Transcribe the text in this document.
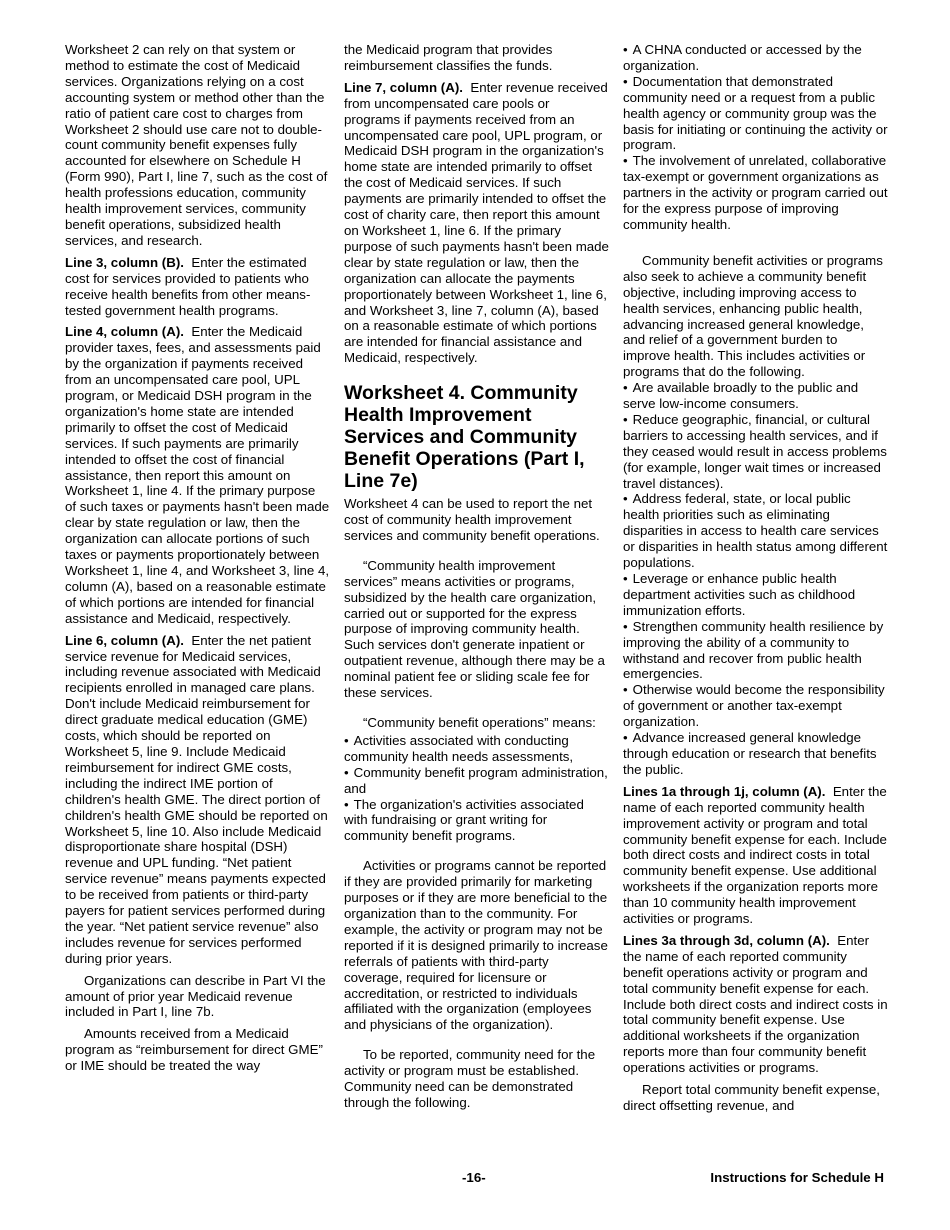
Worksheet 2 can rely on that system or method to estimate the cost of Medicaid services. Organizations relying on a cost accounting system or method other than the ratio of patient care cost to charges from Worksheet 2 should use care not to double-count community benefit expenses fully accounted for elsewhere on Schedule H (Form 990), Part I, line 7, such as the cost of health professions education, community health improvement services, community benefit operations, subsidized health services, and research.

Line 3, column (B). Enter the estimated cost for services provided to patients who receive health benefits from other means-tested government health programs.

Line 4, column (A). Enter the Medicaid provider taxes, fees, and assessments paid by the organization if payments received from an uncompensated care pool, UPL program, or Medicaid DSH program in the organization's home state are intended primarily to offset the cost of Medicaid services. If such payments are primarily intended to offset the cost of financial assistance, then report this amount on Worksheet 1, line 4. If the primary purpose of such taxes or payments hasn't been made clear by state regulation or law, then the organization can allocate portions of such taxes or payments proportionately between Worksheet 1, line 4, and Worksheet 3, line 4, column (A), based on a reasonable estimate of which portions are intended for financial assistance and Medicaid, respectively.

Line 6, column (A). Enter the net patient service revenue for Medicaid services, including revenue associated with Medicaid recipients enrolled in managed care plans. Don't include Medicaid reimbursement for direct graduate medical education (GME) costs, which should be reported on Worksheet 5, line 9. Include Medicaid reimbursement for indirect GME costs, including the indirect IME portion of children's health GME. The direct portion of children's health GME should be reported on Worksheet 5, line 10. Also include Medicaid disproportionate share hospital (DSH) revenue and UPL funding. “Net patient service revenue” means payments expected to be received from patients or third-party payers for patient services performed during the year. “Net patient service revenue” also includes revenue for services performed during prior years.

Organizations can describe in Part VI the amount of prior year Medicaid revenue included in Part I, line 7b.

Amounts received from a Medicaid program as “reimbursement for direct GME” or IME should be treated the way

the Medicaid program that provides reimbursement classifies the funds.

Line 7, column (A). Enter revenue received from uncompensated care pools or programs if payments received from an uncompensated care pool, UPL program, or Medicaid DSH program in the organization's home state are intended primarily to offset the cost of Medicaid services. If such payments are primarily intended to offset the cost of charity care, then report this amount on Worksheet 1, line 6. If the primary purpose of such payments hasn't been made clear by state regulation or law, then the organization can allocate the payments proportionately between Worksheet 1, line 6, and Worksheet 3, line 7, column (A), based on a reasonable estimate of which portions are intended for financial assistance and Medicaid, respectively.

Worksheet 4. Community Health Improvement Services and Community Benefit Operations (Part I, Line 7e)

Worksheet 4 can be used to report the net cost of community health improvement services and community benefit operations.

“Community health improvement services” means activities or programs, subsidized by the health care organization, carried out or supported for the express purpose of improving community health. Such services don't generate inpatient or outpatient revenue, although there may be a nominal patient fee or sliding scale fee for these services.

“Community benefit operations” means:

• Activities associated with conducting community health needs assessments,
• Community benefit program administration, and
• The organization's activities associated with fundraising or grant writing for community benefit programs.

Activities or programs cannot be reported if they are provided primarily for marketing purposes or if they are more beneficial to the organization than to the community. For example, the activity or program may not be reported if it is designed primarily to increase referrals of patients with third-party coverage, required for licensure or accreditation, or restricted to individuals affiliated with the organization (employees and physicians of the organization).

To be reported, community need for the activity or program must be established. Community need can be demonstrated through the following.

• A CHNA conducted or accessed by the organization.
• Documentation that demonstrated community need or a request from a public health agency or community group was the basis for initiating or continuing the activity or program.
• The involvement of unrelated, collaborative tax-exempt or government organizations as partners in the activity or program carried out for the express purpose of improving community health.

Community benefit activities or programs also seek to achieve a community benefit objective, including improving access to health services, enhancing public health, advancing increased general knowledge, and relief of a government burden to improve health. This includes activities or programs that do the following.

• Are available broadly to the public and serve low-income consumers.
• Reduce geographic, financial, or cultural barriers to accessing health services, and if they ceased would result in access problems (for example, longer wait times or increased travel distances).
• Address federal, state, or local public health priorities such as eliminating disparities in access to health care services or disparities in health status among different populations.
• Leverage or enhance public health department activities such as childhood immunization efforts.
• Strengthen community health resilience by improving the ability of a community to withstand and recover from public health emergencies.
• Otherwise would become the responsibility of government or another tax-exempt organization.
• Advance increased general knowledge through education or research that benefits the public.

Lines 1a through 1j, column (A). Enter the name of each reported community health improvement activity or program and total community benefit expense for each. Include both direct costs and indirect costs in total community benefit expense. Use additional worksheets if the organization reports more than 10 community health improvement activities or programs.

Lines 3a through 3d, column (A). Enter the name of each reported community benefit operations activity or program and total community benefit expense for each. Include both direct costs and indirect costs in total community benefit expense. Use additional worksheets if the organization reports more than four community benefit operations activities or programs.

Report total community benefit expense, direct offsetting revenue, and

-16-	Instructions for Schedule H
